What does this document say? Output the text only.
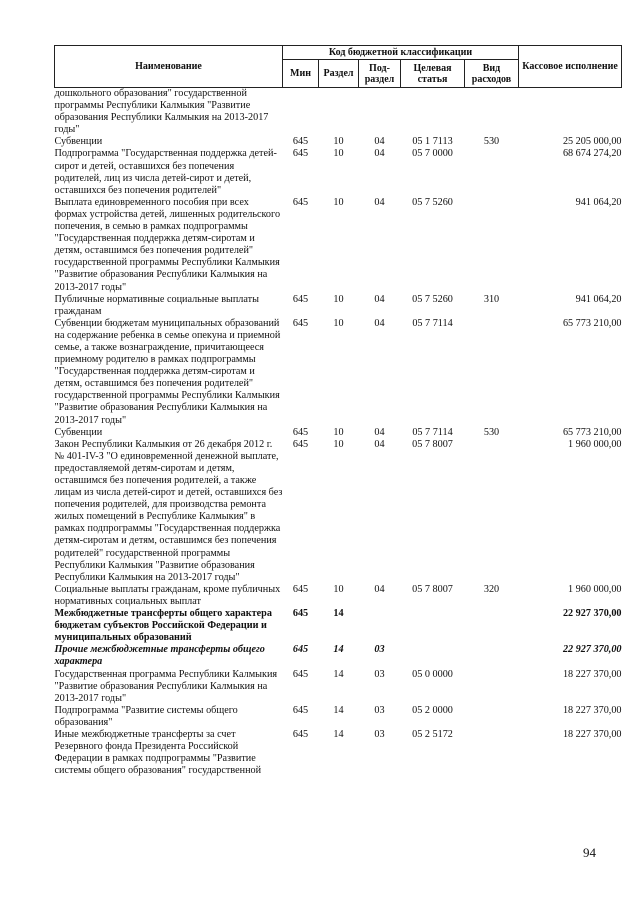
Наименование	Код бюджетной классификации					Кассовое исполнение
	Мин	Раздел	Под- раздел	Целевая статья	Вид расходов	
дошкольного образования" государственной программы Республики Калмыкия "Развитие образования Республики Калмыкия на 2013-2017 годы"						
Субвенции	645	10	04	05 1 7113	530	25 205 000,00
Подпрограмма "Государственная поддержка детей-сирот и детей, оставшихся без попечения родителей, лиц из числа детей-сирот и детей, оставшихся без попечения родителей"	645	10	04	05 7 0000		68 674 274,20
Выплата единовременного пособия при всех формах устройства детей, лишенных родительского попечения, в семью в рамках подпрограммы "Государственная поддержка детям-сиротам и детям, оставшимся без попечения родителей" государственной программы Республики Калмыкия "Развитие образования Республики Калмыкия на 2013-2017 годы"	645	10	04	05 7 5260		941 064,20
Публичные нормативные социальные выплаты гражданам	645	10	04	05 7 5260	310	941 064,20
Субвенции бюджетам муниципальных образований на содержание ребенка в семье опекуна и приемной семье, а также вознаграждение, причитающееся приемному родителю в рамках подпрограммы "Государственная поддержка детям-сиротам и детям, оставшимся без попечения родителей" государственной программы Республики Калмыкия "Развитие образования Республики Калмыкия на 2013-2017 годы"	645	10	04	05 7 7114		65 773 210,00
Субвенции	645	10	04	05 7 7114	530	65 773 210,00
Закон Республики Калмыкия от 26 декабря 2012 г. № 401-IV-З "О единовременной денежной выплате, предоставляемой детям-сиротам и детям, оставшимся без попечения родителей, а также лицам из числа детей-сирот и детей, оставшихся без попечения родителей, для производства ремонта жилых помещений в Республике Калмыкия" в рамках подпрограммы "Государственная поддержка детям-сиротам и детям, оставшимся без попечения родителей" государственной программы Республики Калмыкия "Развитие образования Республики Калмыкия на 2013-2017 годы"	645	10	04	05 7 8007		1 960 000,00
Социальные выплаты гражданам, кроме публичных нормативных социальных выплат	645	10	04	05 7 8007	320	1 960 000,00
Межбюджетные трансферты общего характера бюджетам субъектов Российской Федерации и муниципальных образований	645	14				22 927 370,00
Прочие межбюджетные трансферты общего характера	645	14	03			22 927 370,00
Государственная программа Республики Калмыкия "Развитие образования Республики Калмыкия на 2013-2017 годы"	645	14	03	05 0 0000		18 227 370,00
Подпрограмма "Развитие системы общего образования"	645	14	03	05 2 0000		18 227 370,00
Иные межбюджетные трансферты за счет Резервного фонда Президента Российской Федерации в рамках подпрограммы "Развитие системы общего образования" государственной	645	14	03	05 2 5172		18 227 370,00
94
